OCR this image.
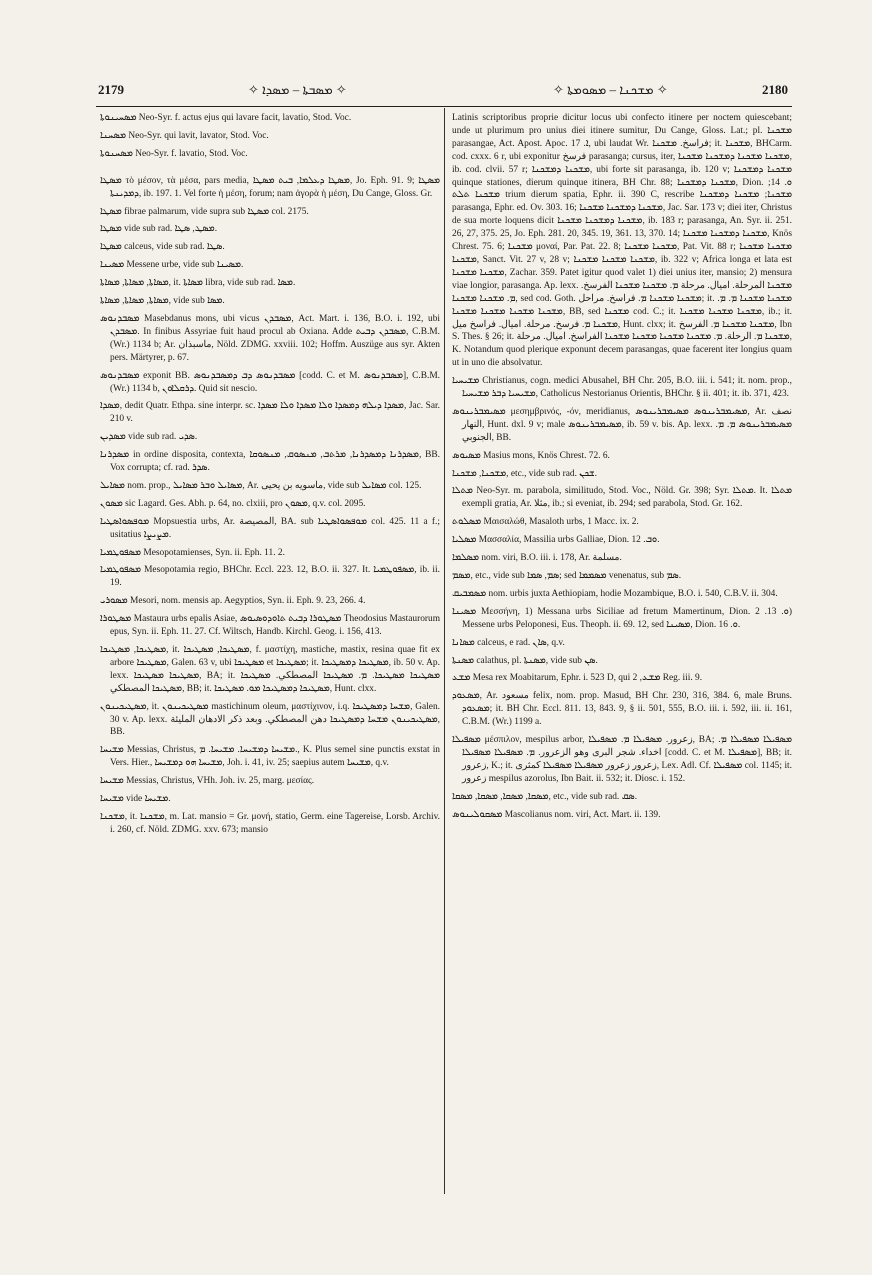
2179	✧ ܡܣܒܬܐ – ܡܣܕܐ ✧	✧ ܡܫܟܢܐ – ܡܣܘܡܬܐ ✧	2180

ܡܣܚܝܢܘܬܐ Neo-Syr. f. actus ejus qui lavare facit, lavatio, Stod. Voc.

ܡܣܚܢܐ Neo-Syr. qui lavit, lavator, Stod. Voc.

ܡܣܚܢܘܬܐ Neo-Syr. f. lavatio, Stod. Voc.

ܡܣܛܐ τὸ μέσον, τὰ μέσα, pars media, ܡܣܛܐ ܕܥܠܡܐ, ܒܝܬ ܡܣܛܐ, Jo. Eph. 91. 9; ܡܣܛܐ ܕܡܕܝܢܬܐ, ib. 197. 1. Vel forte ἡ μέση, forum; nam ἀγορὰ ἡ μέση, Du Cange, Gloss. Gr.

ܡܣܛܐ fibrae palmarum, vide supra sub ܡܣܛܐ col. 2175.

ܡܣܛܐ vide sub rad. ܡܣܛ, ܣܛܐ.

ܡܣܛܐ calceus, vide sub rad. ܣܛܐ.

ܡܣܝܢܐ Messene urbe, vide sub ܡܣܝܢܐ.

ܡܣܐܬܐ, ܡܣܐܬܐ, ܡܣܐܬܐ, it. ܡܣܐܬܐ libra, vide sub rad. ܡܣܐ.

ܡܣܐܬܐ, ܡܣܐܬܐ, ܡܣܐܬܐ, vide sub ܡܣܐ.

ܡܣܒܕܢܘܣ Masebdanus mons, ubi vicus ܡܣܒܕܢ, Act. Mart. i. 136, B.O. i. 192, ubi ܡܣܒܕܢ. In finibus Assyriae fuit haud procul ab Oxiana. Adde ܡܣܒܕܢ ܕܒܝܬ, C.B.M. (Wr.) 1134 b; Ar. ماسبذان, Nöld. ZDMG. xxviii. 102; Hoffm. Auszüge aus syr. Akten pers. Märtyrer, p. 67.

ܡܣܒܕܢܘܣ exponit BB. ܡܣܒܕܢܘܣ ܕܒ ܕܡܣܒܕܢܘܣ [codd. C. et M. ܡܣܒܕܢܘܣ], C.B.M. (Wr.) 1134 b, ܕܪܩܠܐܘܢ. Quid sit nescio.

ܡܣܕܐ, dedit Quatr. Ethpa. sine interpr. sc. ܡܣܕܐ ܕܝܠܗ ܕܡܣܕܐ ܘܠܐ ܡܣܕܐ ܘܠܐ ܡܣܕܐ, Jac. Sar. 210 v.

ܡܣܕܝܢ vide sub rad. ܣܕܝ.

ܡܣܕܪܢܐ in ordine disposita, contexta, ܡܣܕܪܢܐ ܕܡܣܕܪܢܐ, ܡܪܬܒ, ܡܢܣܘܩ, ܡܢܣܘܩܐ, BB. Vox corrupta; cf. rad. ܣܕܪ.

ܡܣܐܝܠ nom. prop., ܡܣܐܝܠ ܘܒܪ ܡܣܐܝܠ, Ar. ماسويه بن يحيى, vide sub ܡܣܐܝܠ col. 125.

ܡܣܘܢ sic Lagard. Ges. Abh. p. 64, no. clxiii, pro ܡܣܘܢ, q.v. col. 2095.

ܡܘܦܣܘܐܣܛܝܐ Mopsuestia urbs, Ar. المصيصة, BA. sub ܡܘܦܣܘܐܣܛܝܐ col. 425. 11 a f.; usitatius ܡܨܝܨܐ.

ܡܣܦܘܛܡܝܐ Mesopotamienses, Syn. ii. Eph. 11. 2.

ܡܣܦܘܛܡܝܐ Mesopotamia regio, BHChr. Eccl. 223. 12, B.O. ii. 327. It. ܡܣܦܘܛܡܝܐ, ib. ii. 19.

ܡܣܘܪܝ Mesori, nom. mensis ap. Aegyptios, Syn. ii. Eph. 9. 23, 266. 4.

ܡܣܛܘܪܐ Mastaura urbs epalis Asiae, ܡܣܛܘܪܐ ܕܒܝܬ ܬܐܘܕܘܣܝܘܣ Theodosius Mastaurorum epus, Syn. ii. Eph. 11. 27. Cf. Wiltsch, Handb. Kirchl. Geog. i. 156, 413.

ܡܣܛܝܟܐ, ܡܣܛܝܟܐ, it. ܡܣܛܝܟܐ, ܡܣܛܝܟܐ, f. μαστίχη, mastiche, mastix, resina quae fit ex arbore ܡܣܛܝܟܐ, Galen. 63 v, ubi ܡܣܛܝܟܐ et ܡܣܛܝܟܐ; it. ܡܣܛܝܟܐ ܕܡܣܛܝܟܐ, ib. 50 v. Ap. lexx. ܡܣܛܝܟܐ ܡܣܛܝܟܐ, BA; it. ܡܣܛܝܟܐ ܡܣܛܝܟܐ. ܡ. ܡܣܛܝܟܐ المصطكي. ܡܣܛܝܟܐ ܡܣܛܝܟܐ المصطكي, BB; it. ܡܣܛܝܟܐ ܕܡܣܛܝܟܐ ܡܘ. ܡܣܛܝܟܐ, Hunt. clxx.

ܡܣܛܝܟܝܢܘܢ, it. ܡܣܛܝܟܝܢܘܢ mastichinum oleum, μαστίχινον, i.q. ܡܫܚܐ ܕܡܣܛܝܟܐ, Galen. 30 v. Ap. lexx. ܡܣܛܝܟܝܢܘܢ ܡܫܚܐ ܕܡܣܛܝܟܐ دهن المصطكي. وبعد ذكر الادهان المليئة, BB.

ܡܫܝܚܐ Messias, Christus, ܡܫܝܚܐ ܕܡܫܝܚܐ. ܡܫܝܚܐ. ܡ., K. Plus semel sine punctis exstat in Vers. Hier., ܡܫܝܚܐ ܗܘ ܕܡܫܝܚܐ, Joh. i. 41, iv. 25; saepius autem ܡܫܝܚܐ, q.v.

ܡܫܝܚܐ Messias, Christus, VHh. Joh. iv. 25, marg. μεσίας.

ܡܫܝܚܐ vide ܡܫܝܚܐ.

ܡܫܟܢܐ, it. ܡܫܟܢܐ, m. Lat. mansio = Gr. μονή, statio, Germ. eine Tagereise, Lorsb. Archiv. i. 260, cf. Nöld. ZDMG. xxv. 673; mansio

Latinis scriptoribus proprie dicitur locus ubi confecto itinere per noctem quiescebant; unde ut plurimum pro unius diei itinere sumitur, Du Cange, Gloss. Lat.; pl. ܡܫܟܢܐ parasangae, Act. Apost. Apoc. ܐ. 17, ubi laudat Wr. فراسخ. ܡܫܟܢܐ; it. ܡܫܟܢܐ, BHCarm. cod. cxxx. 6 r, ubi exponitur فرسخ parasanga; cursus, iter, ܡܫܟܢܐ ܡܫܟܢܐ ܕܡܫܟܢܐ ܡܫܟܢܐ, ib. cod. clvii. 57 r; ܡܫܟܢܐ ܕܡܫܟܢܐ, ubi forte sit parasanga, ib. 120 v; ܡܫܟܢܐ ܕܡܫܟܢܐ quinque stationes, dierum quinque itinera, BH Chr. 88; ܡܫܟܢܐ ܕܡܫܟܢܐ, Dion. ܘ. 14; ܡܫܟܢܐ ܬܠܬ trium dierum spatia, Ephr. ii. 390 C, rescribe ܡܫܟܢܐ; ܡܫܟܢܐ ܕܡܫܟܢܐ parasanga, Ephr. ed. Ov. 303. 16; ܡܫܟܢܐ ܕܡܫܟܢܐ ܡܫܟܢܐ, Jac. Sar. 173 v; diei iter, Christus de sua morte loquens dicit ܡܫܟܢܐ ܕܡܫܟܢܐ ܡܫܟܢܐ, ib. 183 r; parasanga, An. Syr. ii. 251. 26, 27, 375. 25, Jo. Eph. 281. 20, 345. 19, 361. 13, 370. 14; ܡܫܟܢܐ ܕܡܫܟܢܐ ܡܫܟܢܐ, Knös Chrest. 75. 6; ܡܫܟܢܐ μοναί, Par. Pat. 22. 8; ܡܫܟܢܐ ܡܫܟܢܐ, Pat. Vit. 88 r; ܡܫܟܢܐ ܡܫܟܢܐ ܡܫܟܢܐ, Sanct. Vit. 27 v, 28 v; ܡܫܟܢܐ ܡܫܟܢܐ ܡܫܟܢܐ, ib. 322 v; Africa longa et lata est ܡܫܟܢܐ ܡܫܟܢܐ, Zachar. 359. Patet igitur quod valet 1) diei unius iter, mansio; 2) mensura viae longior, parasanga. Ap. lexx. ܡܫܟܢܐ المرحلة. اميال. مرحلة ܡ. ܡܫܟܢܐ ܡܫܟܢܐ الفرسخ. ܡ. ܡܫܟܢܐ ܡܫܟܢܐ, sed cod. Goth. ܡܫܟܢܐ ܡܫܟܢܐ ܡ. فراسخ. مراحل; it. ܡܫܟܢܐ ܡܫܟܢܐ ܡ. ܡ. ܡܫܟܢܐ ܡܫܟܢܐ ܡܫܟܢܐ ܡܫܟܢܐ, BB, sed ܡܫܟܢܐ cod. C.; it. ܡܫܟܢܐ ܡܫܟܢܐ ܡܫܟܢܐ, ib.; it. ܡܫܟܢܐ ܡ. فرسخ. مرحلة. اميال. فراسخ ميل, Hunt. clxx; it. ܡܫܟܢܐ ܡܫܟܢܐ ܡ. الفرسخ, Ibn S. Thes. § 26; it. ܡܫܟܢܐ ܡ. الرحلة. ܡ. ܡܫܟܢܐ ܡܫܟܢܐ ܡܫܟܢܐ ܡܫܟܢܐ الفراسخ. اميال. مرحلة, K. Notandum quod plerique exponunt decem parasangas, quae facerent iter longius quam ut in uno die absolvatur.

ܡܫܝܚܝܐ Christianus, cogn. medici Abusahel, BH Chr. 205, B.O. iii. i. 541; it. nom. prop., ܡܫܝܚܝܐ ܕܒܪ ܡܫܝܚܝܐ, Catholicus Nestorianus Orientis, BHChr. § ii. 401; it. ib. 371, 423.

ܡܣܝܡܒܪܝܢܘܣ μεσημβρινός, -όν, meridianus, ܡܣܝܡܒܪܝܢܘܣ ܡܣܝܡܒܪܝܢܘܣ, Ar. نصف النهار, Hunt. dxl. 9 v; male ܡܣܝܡܒܪܝܢܘܣ, ib. 59 v. bis. Ap. lexx. ܡܣܝܡܒܪܝܢܘܣ ܡ. ܡ. الجنوبي, BB.

ܡܣܝܘܣ Masius mons, Knös Chrest. 72. 6.

ܡܫܟܢܐ, ܡܫܟܢܐ, etc., vide sub rad. ܫܟܢ.

ܡܬܠܐ Neo-Syr. m. parabola, similitudo, Stod. Voc., Nöld. Gr. 398; Syr. ܡܬܠܐ. It. ܡܬܠܐ exempli gratia, Ar. مثلا, ib.; si eveniat, ib. 294; sed parabola, Stod. Gr. 162.

ܡܣܠܘܬ Μαισαλώθ, Masaloth urbs, 1 Macc. ix. 2.

ܡܣܠܝܐ Μασσαλία, Massilia urbs Galliae, Dion. ܘܒ. 12.

ܡܣܠܡܐ nom. viri, B.O. iii. i. 178, Ar. مسلمة.

ܡܣܡ, etc., vide sub ܣܡ, ܣܡܐ; sed ܡܣܡܡܐ venenatus, sub ܣܡ.

ܡܣܡܒܝܩ nom. urbis juxta Aethiopiam, hodie Mozambique, B.O. i. 540, C.B.V. ii. 304.

ܡܣܝܢܐ Μεσσήνη, 1) Messana urbs Siciliae ad fretum Mamertinum, Dion. ܘ. 13. 2) Messene urbs Peloponesi, Eus. Theoph. ii. 69. 12, sed ܡܣܝܢܐ, Dion. ܘ. 16.

ܡܣܐܢܐ calceus, e rad. ܣܐܢ, q.v.

ܡܣܢܬܐ calathus, pl. ܡܣܢܬܐ, vide sub ܣܢ.

ܡܫܥ Mesa rex Moabitarum, Ephr. i. 523 D, qui ܡܫܥ, 2 Reg. iii. 9.

ܡܣܥܘܕ, Ar. مسعود felix, nom. prop. Masud, BH Chr. 230, 316, 384. 6, male Bruns. ܡܣܥܘܕ; it. BH Chr. Eccl. 811. 13, 843. 9, § ii. 501, 555, B.O. iii. i. 592, iii. ii. 161, C.B.M. (Wr.) 1199 a.

ܡܣܦܝܠܐ μέσπιλον, mespilus arbor, زعرور. ܡܣܦܝܠܐ ܡ. ܡܣܦܝܠܐ, BA; ܡܣܦܝܠܐ ܡܣܦܝܠܐ ܡ. اخداء. شجر البرى وهو الزعرور. ܡ. ܡܣܦܝܠܐ ܡܣܦܝܠܐ [codd. C. et M. ܡܣܦܝܠܐ], BB; it. زعرور, K.; it. زعرور زعرور ܡܣܦܝܠܐ ܡܣܦܝܠܐ كمثرى, Lex. Adl. Cf. ܡܣܦܝܠܐ col. 1145; it. زعرور mespilus azorolus, Ibn Bait. ii. 532; it. Diosc. i. 152.

ܡܣܩܐ, ܡܣܩܐ, ܡܣܩܐ, ܡܣܩܐ, etc., vide sub rad. ܣܩ.

ܡܣܩܘܠܝܢܘܣ Mascolianus nom. viri, Act. Mart. ii. 139.
